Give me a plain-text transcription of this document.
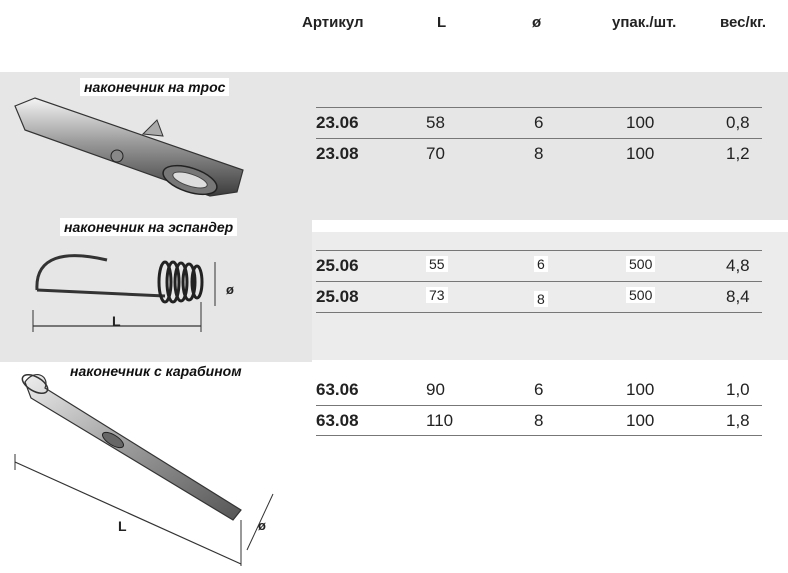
Артикул	L	ø	упак./шт.	вес/кг.
наконечник на трос
наконечник на эспандер
наконечник с карабином
23.06	58	6	100	0,8
23.08	70	8	100	1,2
25.06	55	6	500	4,8
25.08	73	8	500	8,4
63.06	90	6	100	1,0
63.08	110	8	100	1,8
L
ø
L	ø
